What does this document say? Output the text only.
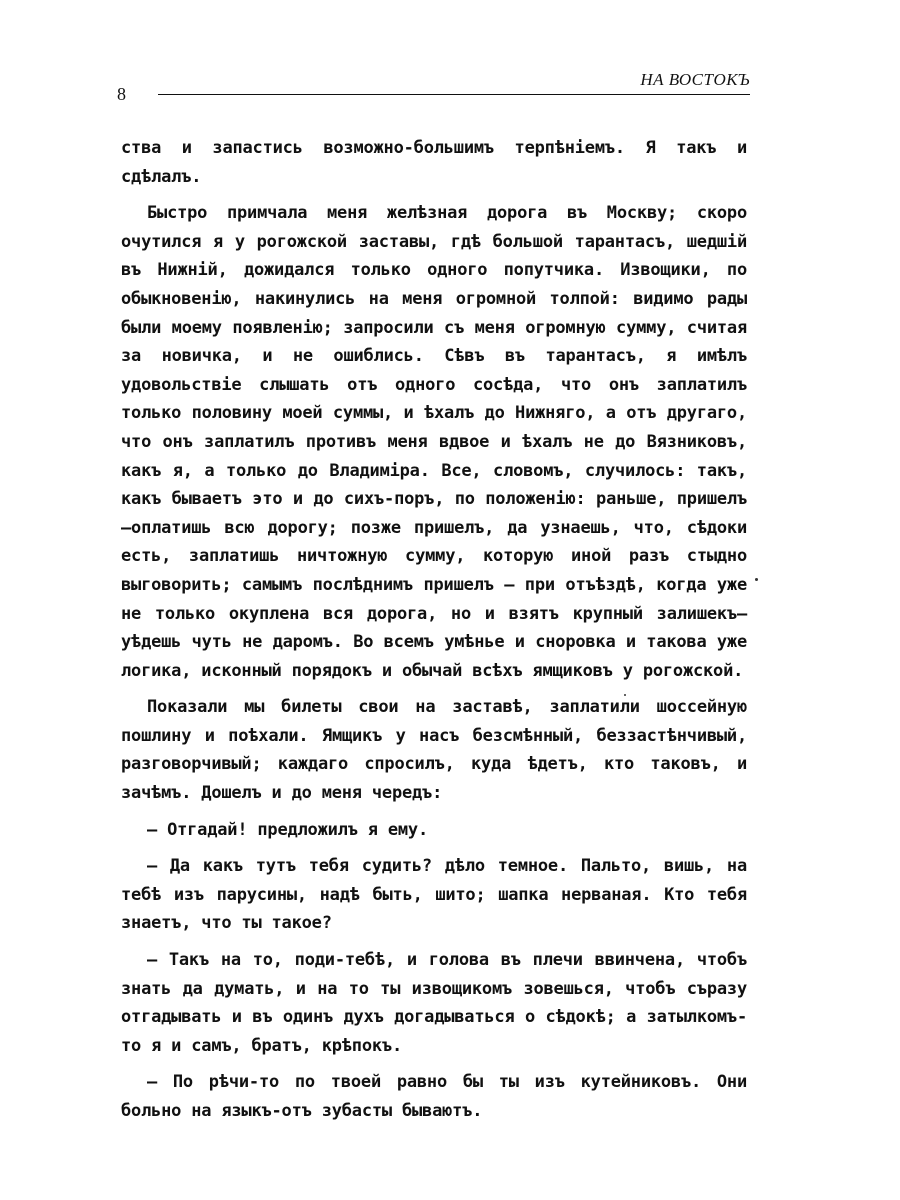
8
НА ВОСТОКЪ

ства и запастись возможно-большимъ терпѣніемъ. Я такъ и сдѣлалъ.

Быстро примчала меня желѣзная дорога въ Москву; скоро очутился я у рогожской заставы, гдѣ большой тарантасъ, шедшій въ Нижній, дожидался только одного попутчика. Извощики, по обыкновенію, накинулись на меня огромной толпой: видимо рады были моему появленію; запросили съ меня огромную сумму, считая за новичка, и не ошиблись. Сѣвъ въ тарантасъ, я имѣлъ удовольствіе слышать отъ одного сосѣда, что онъ заплатилъ только половину моей суммы, и ѣхалъ до Нижняго, а отъ другаго, что онъ заплатилъ противъ меня вдвое и ѣхалъ не до Вязниковъ, какъ я, а только до Владиміра. Все, словомъ, случилось: такъ, какъ бываетъ это и до сихъ-поръ, по положенію: раньше, пришелъ—оплатишь всю дорогу; позже пришелъ, да узнаешь, что, сѣдоки есть, заплатишь ничтожную сумму, которую иной разъ стыдно выговорить; самымъ послѣднимъ пришелъ — при отъѣздѣ, когда уже не только окуплена вся дорога, но и взятъ крупный залишекъ—уѣдешь чуть не даромъ. Во всемъ умѣнье и сноровка и такова уже логика, исконный порядокъ и обычай всѣхъ ямщиковъ у рогожской.

Показали мы билеты свои на заставѣ, заплатили шоссейную пошлину и поѣхали. Ямщикъ у насъ безсмѣнный, беззастѣнчивый, разговорчивый; каждаго спросилъ, куда ѣдетъ, кто таковъ, и зачѣмъ. Дошелъ и до меня чередъ:

— Отгадай! предложилъ я ему.

— Да какъ тутъ тебя судить? дѣло темное. Пальто, вишь, на тебѣ изъ парусины, надѣ быть, шито; шапка нерваная. Кто тебя знаетъ, что ты такое?

— Такъ на то, поди-тебѣ, и голова въ плечи ввинчена, чтобъ знать да думать, и на то ты извощикомъ зовешься, чтобъ съразу отгадывать и въ одинъ духъ догадываться о сѣдокѣ; а затылкомъ-то я и самъ, братъ, крѣпокъ.

— По рѣчи-то по твоей равно бы ты изъ кутейниковъ. Они больно на языкъ-отъ зубасты бываютъ.
